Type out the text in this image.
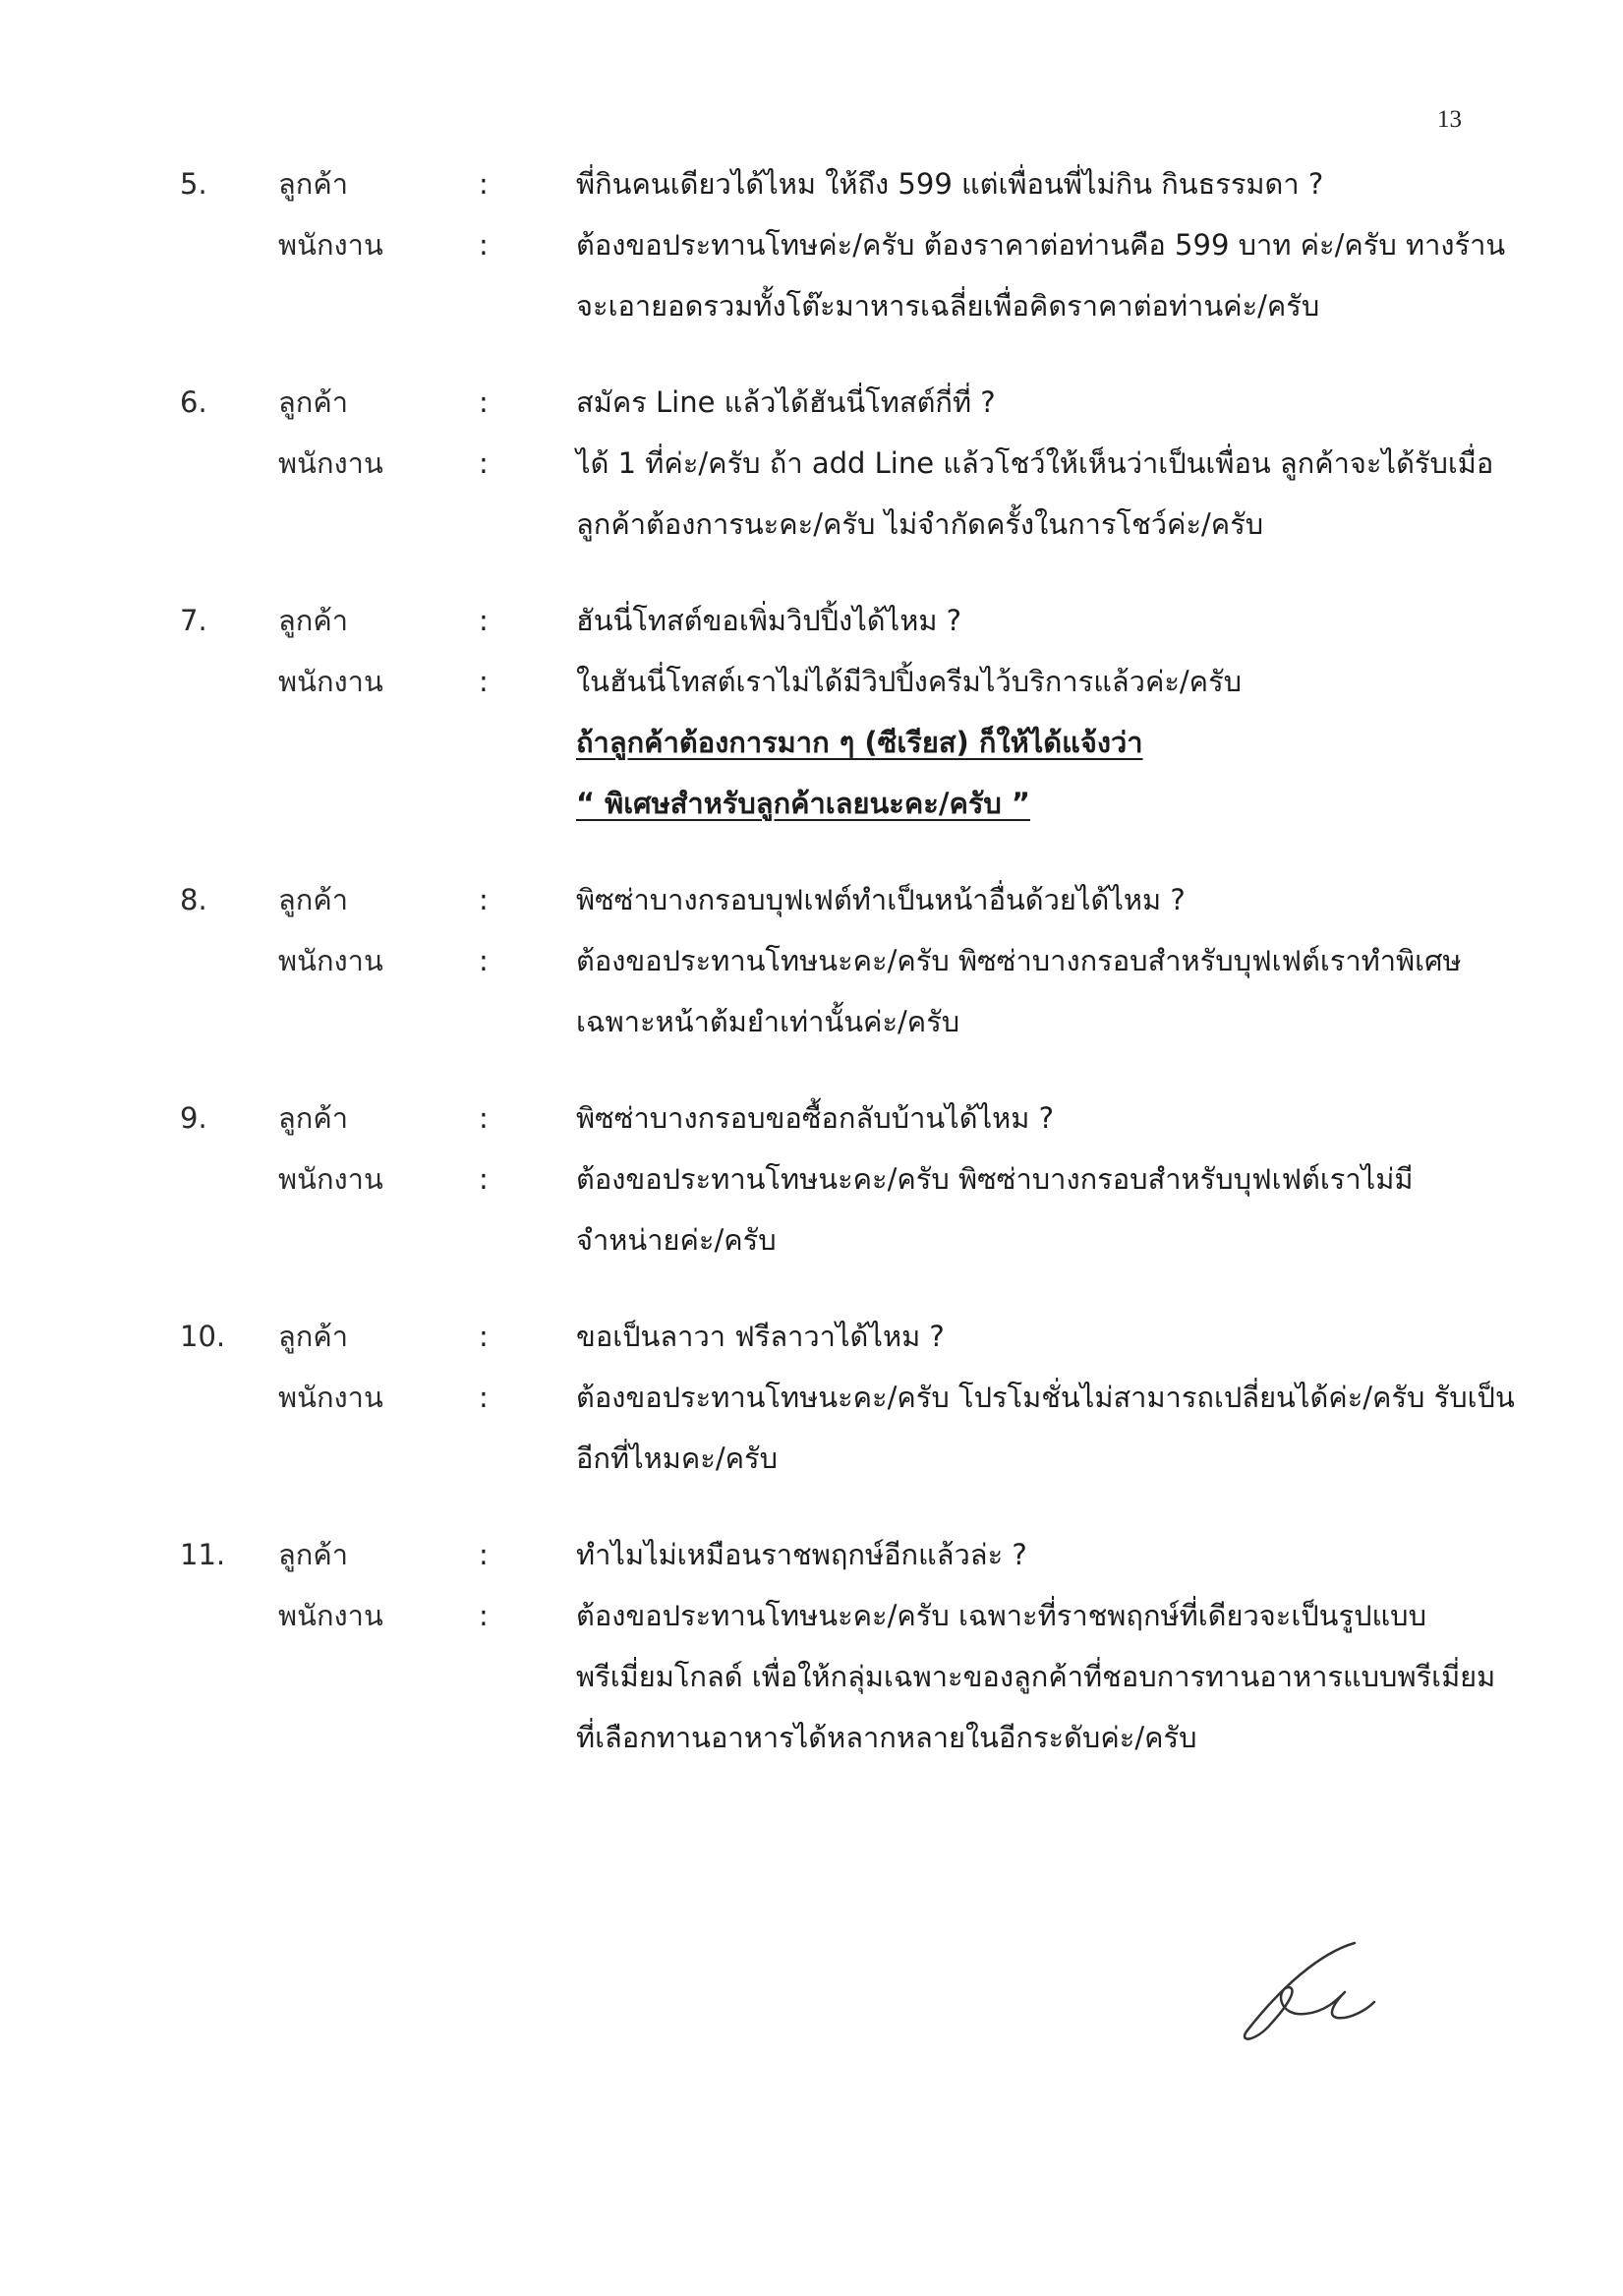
13
5. ลูกค้า	:	พี่กินคนเดียวได้ไหม ให้ถึง 599 แต่เพื่อนพี่ไม่กิน กินธรรมดา ?
พนักงาน	:	ต้องขอประทานโทษค่ะ/ครับ ต้องราคาต่อท่านคือ 599 บาท ค่ะ/ครับ ทางร้าน
จะเอายอดรวมทั้งโต๊ะมาหารเฉลี่ยเพื่อคิดราคาต่อท่านค่ะ/ครับ
6. ลูกค้า	:	สมัคร Line แล้วได้ฮันนี่โทสต์กี่ที่ ?
พนักงาน	:	ได้ 1 ที่ค่ะ/ครับ ถ้า add Line แล้วโชว์ให้เห็นว่าเป็นเพื่อน ลูกค้าจะได้รับเมื่อ
ลูกค้าต้องการนะคะ/ครับ ไม่จำกัดครั้งในการโชว์ค่ะ/ครับ
7. ลูกค้า	:	ฮันนี่โทสต์ขอเพิ่มวิปปิ้งได้ไหม ?
พนักงาน	:	ในฮันนี่โทสต์เราไม่ได้มีวิปปิ้งครีมไว้บริการแล้วค่ะ/ครับ
ถ้าลูกค้าต้องการมาก ๆ (ซีเรียส) ก็ให้ได้แจ้งว่า
“ พิเศษสำหรับลูกค้าเลยนะคะ/ครับ ”
8. ลูกค้า	:	พิซซ่าบางกรอบบุฟเฟต์ทำเป็นหน้าอื่นด้วยได้ไหม ?
พนักงาน	:	ต้องขอประทานโทษนะคะ/ครับ พิซซ่าบางกรอบสำหรับบุฟเฟต์เราทำพิเศษ
เฉพาะหน้าต้มยำเท่านั้นค่ะ/ครับ
9. ลูกค้า	:	พิซซ่าบางกรอบขอซื้อกลับบ้านได้ไหม ?
พนักงาน	:	ต้องขอประทานโทษนะคะ/ครับ พิซซ่าบางกรอบสำหรับบุฟเฟต์เราไม่มี
จำหน่ายค่ะ/ครับ
10. ลูกค้า	:	ขอเป็นลาวา ฟรีลาวาได้ไหม ?
พนักงาน	:	ต้องขอประทานโทษนะคะ/ครับ โปรโมชั่นไม่สามารถเปลี่ยนได้ค่ะ/ครับ รับเป็น
อีกที่ไหมคะ/ครับ
11. ลูกค้า	:	ทำไมไม่เหมือนราชพฤกษ์อีกแล้วล่ะ ?
พนักงาน	:	ต้องขอประทานโทษนะคะ/ครับ เฉพาะที่ราชพฤกษ์ที่เดียวจะเป็นรูปแบบ
พรีเมี่ยมโกลด์ เพื่อให้กลุ่มเฉพาะของลูกค้าที่ชอบการทานอาหารแบบพรีเมี่ยม
ที่เลือกทานอาหารได้หลากหลายในอีกระดับค่ะ/ครับ
